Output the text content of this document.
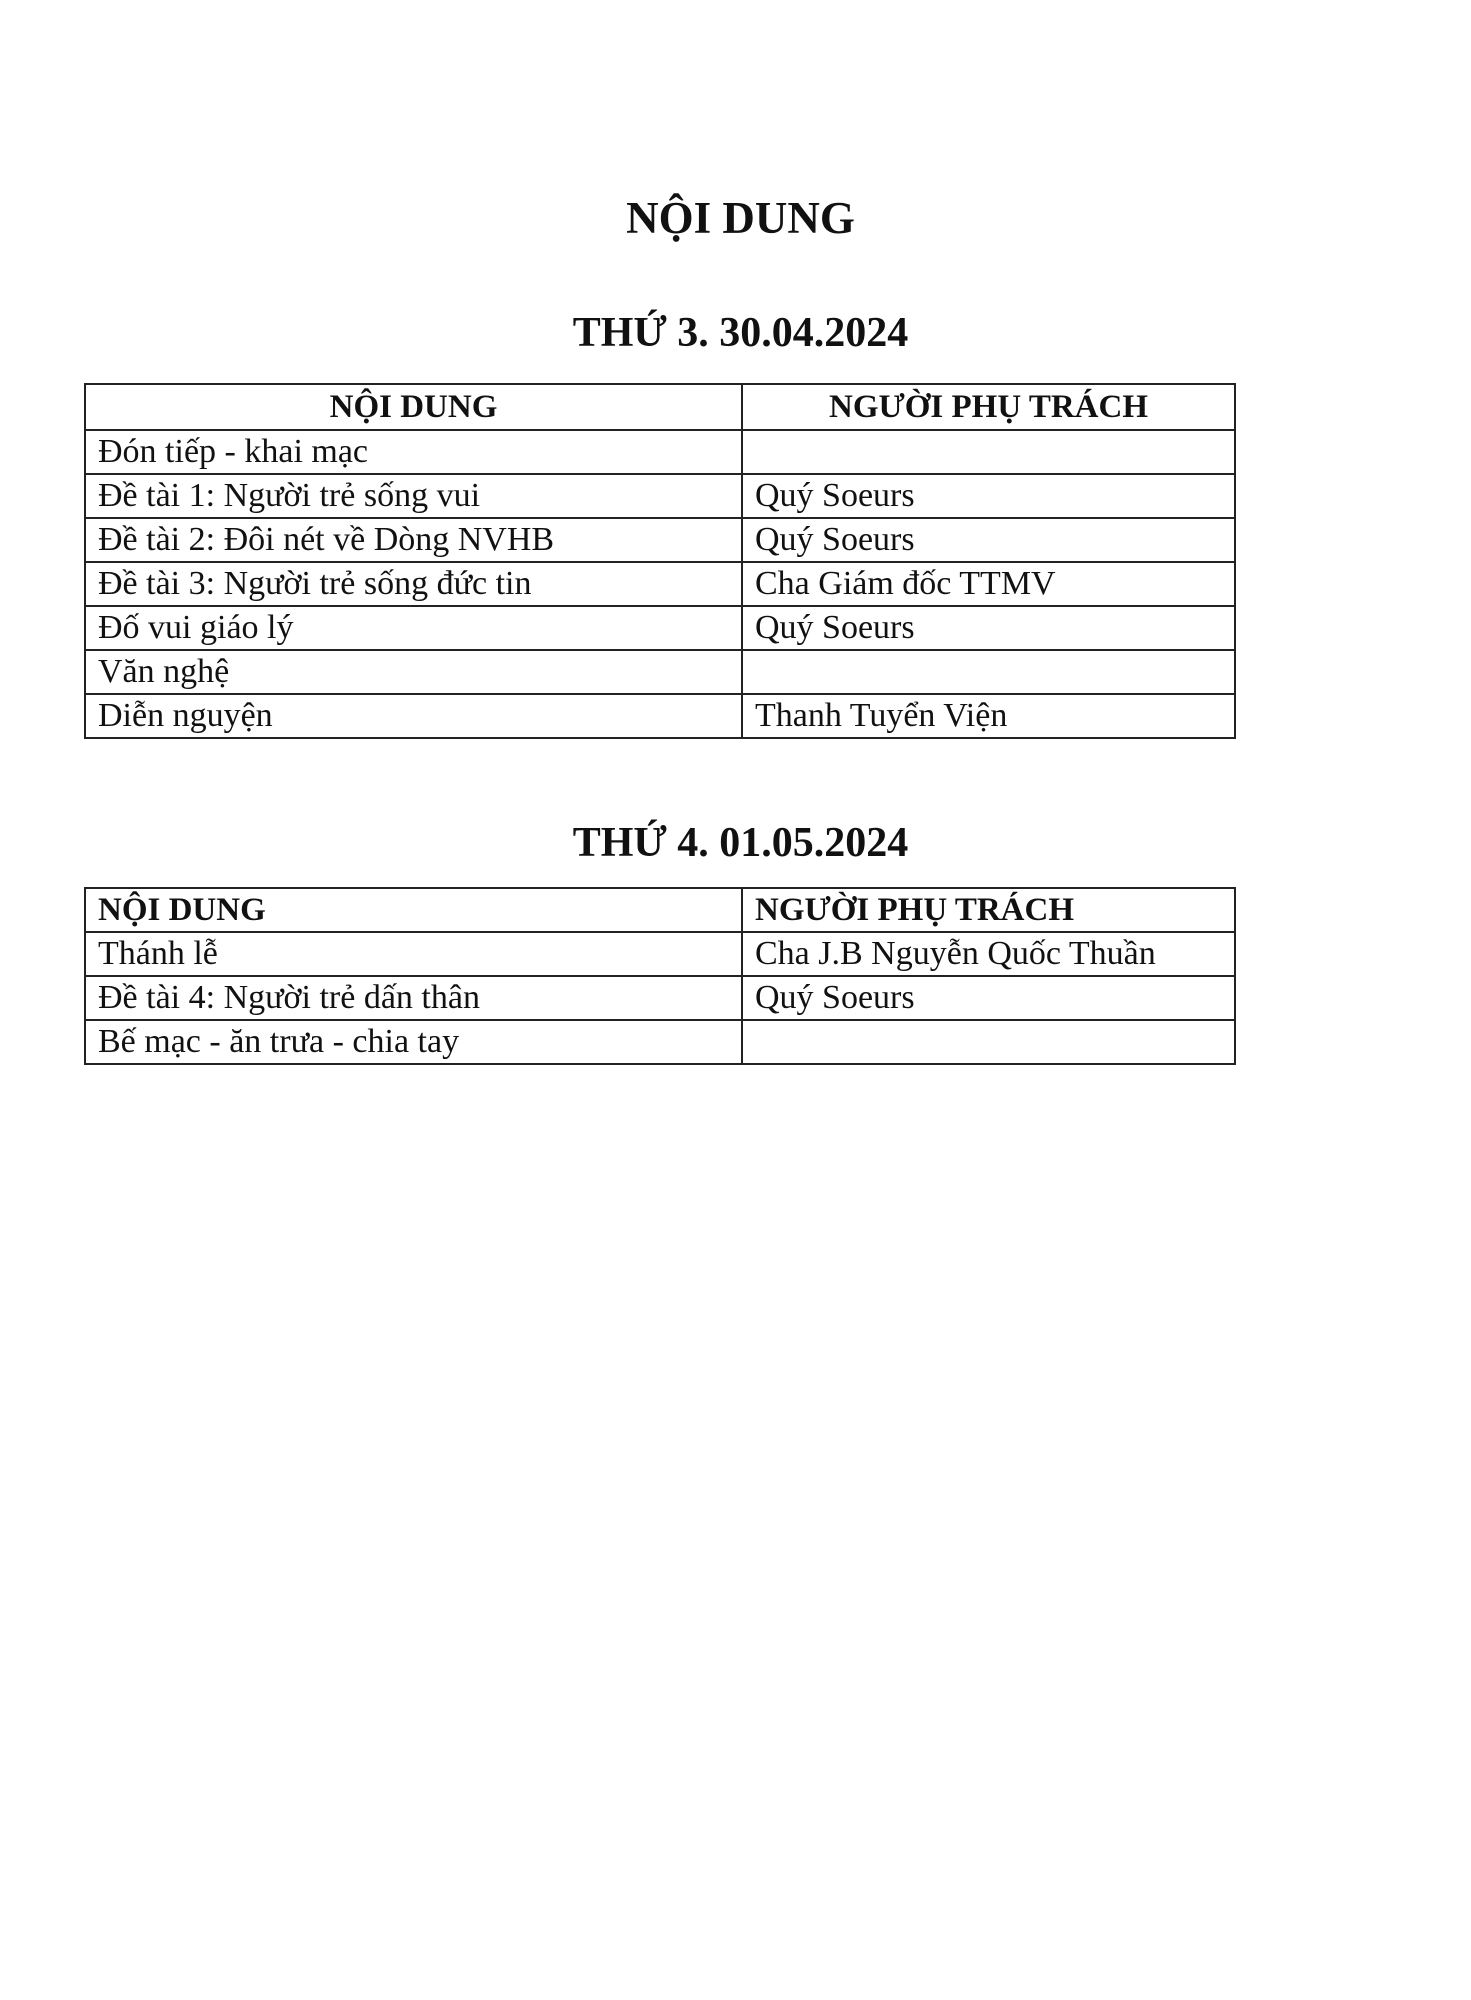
NỘI DUNG
THỨ 3. 30.04.2024
NỘI DUNG	NGƯỜI PHỤ TRÁCH
Đón tiếp - khai mạc	
Đề tài 1: Người trẻ sống vui	Quý Soeurs
Đề tài 2: Đôi nét về Dòng NVHB	Quý Soeurs
Đề tài 3: Người trẻ sống đức tin	Cha Giám đốc TTMV
Đố vui giáo lý	Quý Soeurs
Văn nghệ	
Diễn nguyện	Thanh Tuyển Viện
THỨ 4. 01.05.2024
NỘI DUNG	NGƯỜI PHỤ TRÁCH
Thánh lễ	Cha J.B Nguyễn Quốc Thuần
Đề tài 4: Người trẻ dấn thân	Quý Soeurs
Bế mạc - ăn trưa - chia tay	
